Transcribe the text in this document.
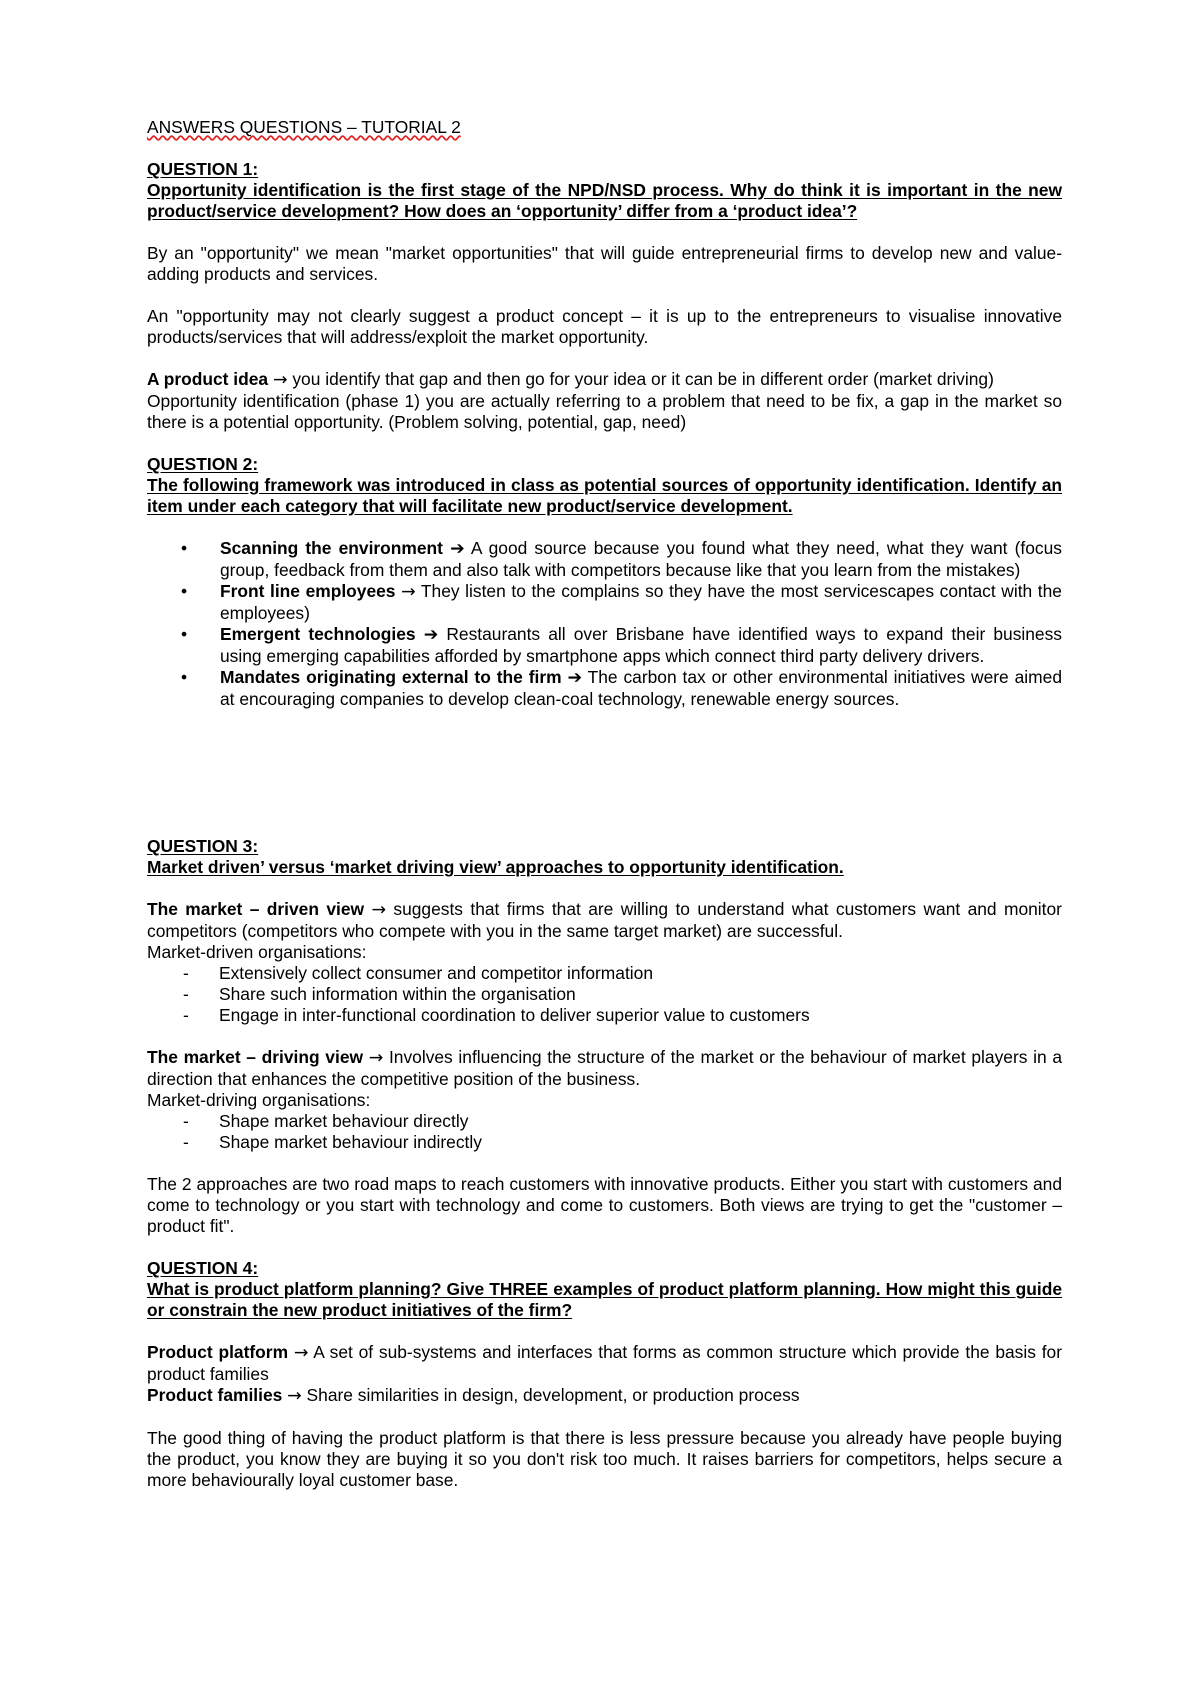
ANSWERS QUESTIONS – TUTORIAL 2

QUESTION 1:

Opportunity identification is the first stage of the NPD/NSD process. Why do think it is important in the new product/service development? How does an ‘opportunity’ differ from a ‘product idea’?

By an "opportunity" we mean "market opportunities" that will guide entrepreneurial firms to develop new and value-adding products and services.

An "opportunity may not clearly suggest a product concept – it is up to the entrepreneurs to visualise innovative products/services that will address/exploit the market opportunity.

A product idea → you identify that gap and then go for your idea or it can be in different order (market driving)

Opportunity identification (phase 1) you are actually referring to a problem that need to be fix, a gap in the market so there is a potential opportunity. (Problem solving, potential, gap, need)

QUESTION 2:

The following framework was introduced in class as potential sources of opportunity identification. Identify an item under each category that will facilitate new product/service development.

• Scanning the environment ➔ A good source because you found what they need, what they want (focus group, feedback from them and also talk with competitors because like that you learn from the mistakes)
• Front line employees → They listen to the complains so they have the most servicescapes contact with the employees)
• Emergent technologies ➔ Restaurants all over Brisbane have identified ways to expand their business using emerging capabilities afforded by smartphone apps which connect third party delivery drivers.
• Mandates originating external to the firm ➔ The carbon tax or other environmental initiatives were aimed at encouraging companies to develop clean-coal technology, renewable energy sources.

QUESTION 3:

Market driven’ versus ‘market driving view’ approaches to opportunity identification.

The market – driven view → suggests that firms that are willing to understand what customers want and monitor competitors (competitors who compete with you in the same target market) are successful.

Market-driven organisations:

- Extensively collect consumer and competitor information
- Share such information within the organisation
- Engage in inter-functional coordination to deliver superior value to customers

The market – driving view → Involves influencing the structure of the market or the behaviour of market players in a direction that enhances the competitive position of the business.

Market-driving organisations:

- Shape market behaviour directly
- Shape market behaviour indirectly

The 2 approaches are two road maps to reach customers with innovative products. Either you start with customers and come to technology or you start with technology and come to customers. Both views are trying to get the "customer – product fit".

QUESTION 4:

What is product platform planning? Give THREE examples of product platform planning. How might this guide or constrain the new product initiatives of the firm?

Product platform → A set of sub-systems and interfaces that forms as common structure which provide the basis for product families

Product families → Share similarities in design, development, or production process

The good thing of having the product platform is that there is less pressure because you already have people buying the product, you know they are buying it so you don't risk too much. It raises barriers for competitors, helps secure a more behaviourally loyal customer base.
